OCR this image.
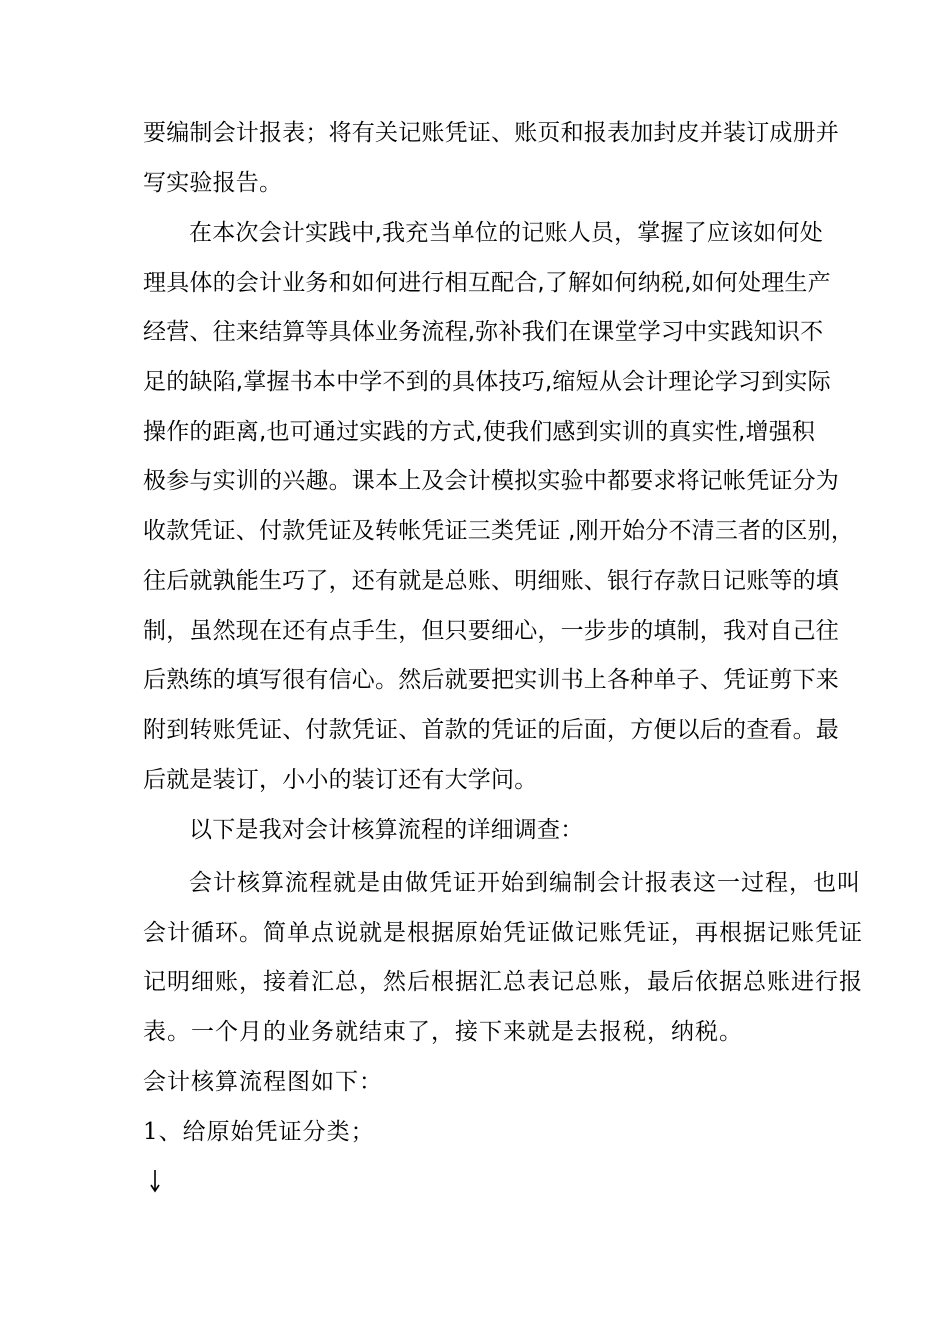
要编制会计报表；将有关记账凭证、账页和报表加封皮并装订成册并
写实验报告。
在本次会计实践中,我充当单位的记账人员，掌握了应该如何处
理具体的会计业务和如何进行相互配合,了解如何纳税,如何处理生产
经营、往来结算等具体业务流程,弥补我们在课堂学习中实践知识不
足的缺陷,掌握书本中学不到的具体技巧,缩短从会计理论学习到实际
操作的距离,也可通过实践的方式,使我们感到实训的真实性,增强积
极参与实训的兴趣。课本上及会计模拟实验中都要求将记帐凭证分为
收款凭证、付款凭证及转帐凭证三类凭证 ,刚开始分不清三者的区别，
往后就孰能生巧了，还有就是总账、明细账、银行存款日记账等的填
制，虽然现在还有点手生，但只要细心，一步步的填制，我对自己往
后熟练的填写很有信心。然后就要把实训书上各种单子、凭证剪下来
附到转账凭证、付款凭证、首款的凭证的后面，方便以后的查看。最
后就是装订，小小的装订还有大学问。
以下是我对会计核算流程的详细调查：
会计核算流程就是由做凭证开始到编制会计报表这一过程，也叫
会计循环。简单点说就是根据原始凭证做记账凭证，再根据记账凭证
记明细账，接着汇总，然后根据汇总表记总账，最后依据总账进行报
表。一个月的业务就结束了，接下来就是去报税，纳税。
会计核算流程图如下：
1、给原始凭证分类；
